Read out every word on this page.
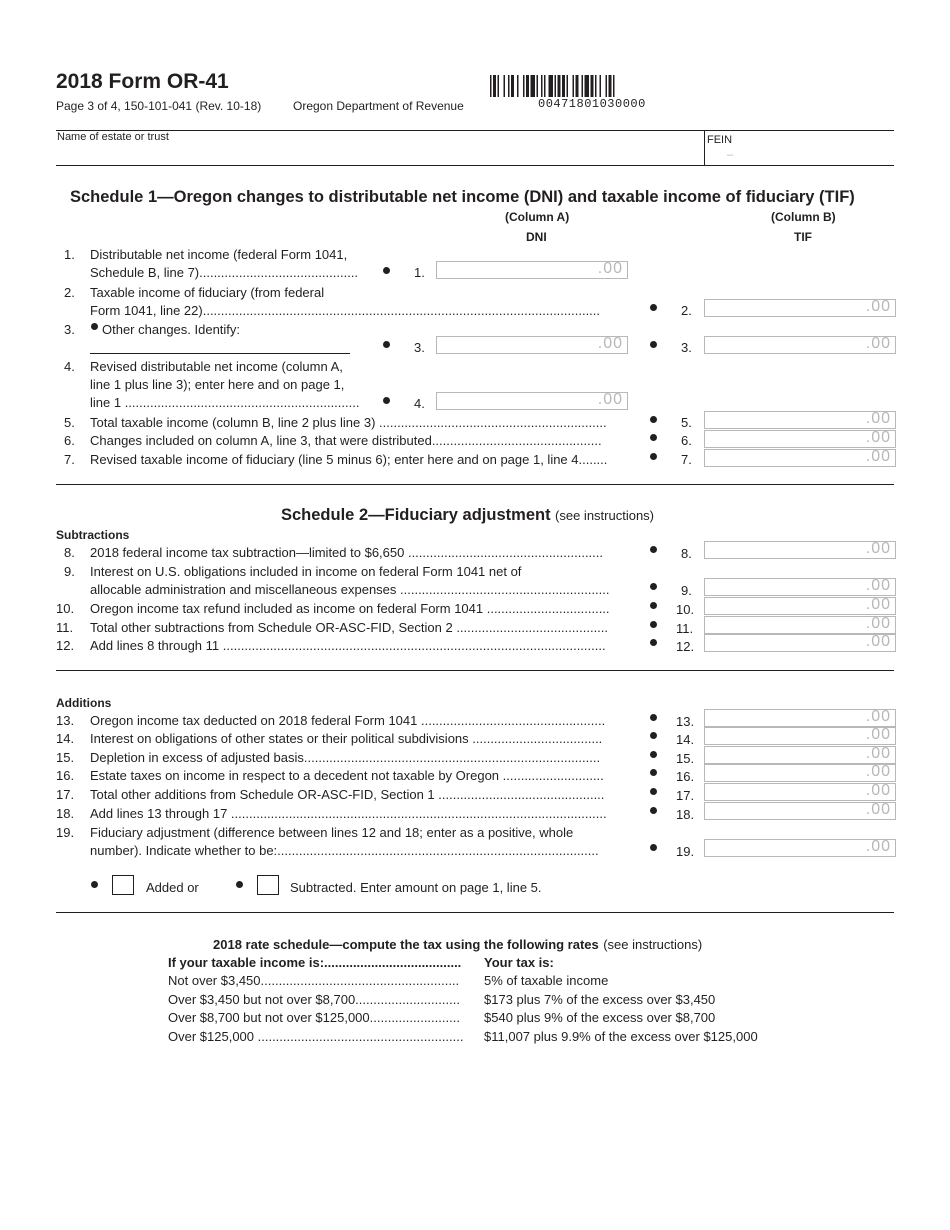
2018 Form OR-41
Page 3 of 4, 150-101-041 (Rev. 10-18)	Oregon Department of Revenue	00471801030000
Name of estate or trust	FEIN
–
Schedule 1—Oregon changes to distributable net income (DNI) and taxable income of fiduciary (TIF)
(Column A)
DNI
(Column B)
TIF
1. Distributable net income (federal Form 1041,
Schedule B, line 7)............................................	1.	.00
2. Taxable income of fiduciary (from federal
Form 1041, line 22)..............................................................................................................	2.	.00
3. Other changes. Identify:
3.	.00	3.	.00
4. Revised distributable net income (column A,
line 1 plus line 3); enter here and on page 1,
line 1 .................................................................	4.	.00
5. Total taxable income (column B, line 2 plus line 3) ...............................................................	5.	.00
6. Changes included on column A, line 3, that were distributed...............................................	6.	.00
7. Revised taxable income of fiduciary (line 5 minus 6); enter here and on page 1, line 4........	7.	.00
Schedule 2—Fiduciary adjustment (see instructions)
Subtractions
8. 2018 federal income tax subtraction—limited to $6,650 ......................................................	8.	.00
9. Interest on U.S. obligations included in income on federal Form 1041 net of
allocable administration and miscellaneous expenses ..........................................................	9.	.00
10. Oregon income tax refund included as income on federal Form 1041 ..................................	10.	.00
11. Total other subtractions from Schedule OR-ASC-FID, Section 2 ..........................................	11.	.00
12. Add lines 8 through 11 ..........................................................................................................	12.	.00
13. Oregon income tax deducted on 2018 federal Form 1041 ...................................................	13.	.00
14. Interest on obligations of other states or their political subdivisions ....................................	14.	.00
15. Depletion in excess of adjusted basis..................................................................................	15.	.00
16. Estate taxes on income in respect to a decedent not taxable by Oregon ............................	16.	.00
17. Total other additions from Schedule OR-ASC-FID, Section 1 ..............................................	17.	.00
18. Add lines 13 through 17 ........................................................................................................	18.	.00
19. Fiduciary adjustment (difference between lines 12 and 18; enter as a positive, whole
number). Indicate whether to be:.........................................................................................	19.	.00
Additions
Added or	Subtracted. Enter amount on page 1, line 5.
2018 rate schedule—compute the tax using the following rates (see instructions)
If your taxable income is:......................................	Your tax is:
Not over $3,450.......................................................	5% of taxable income
Over $3,450 but not over $8,700.............................	$173 plus 7% of the excess over $3,450
Over $8,700 but not over $125,000.........................	$540 plus 9% of the excess over $8,700
Over $125,000 .........................................................	$11,007 plus 9.9% of the excess over $125,000
